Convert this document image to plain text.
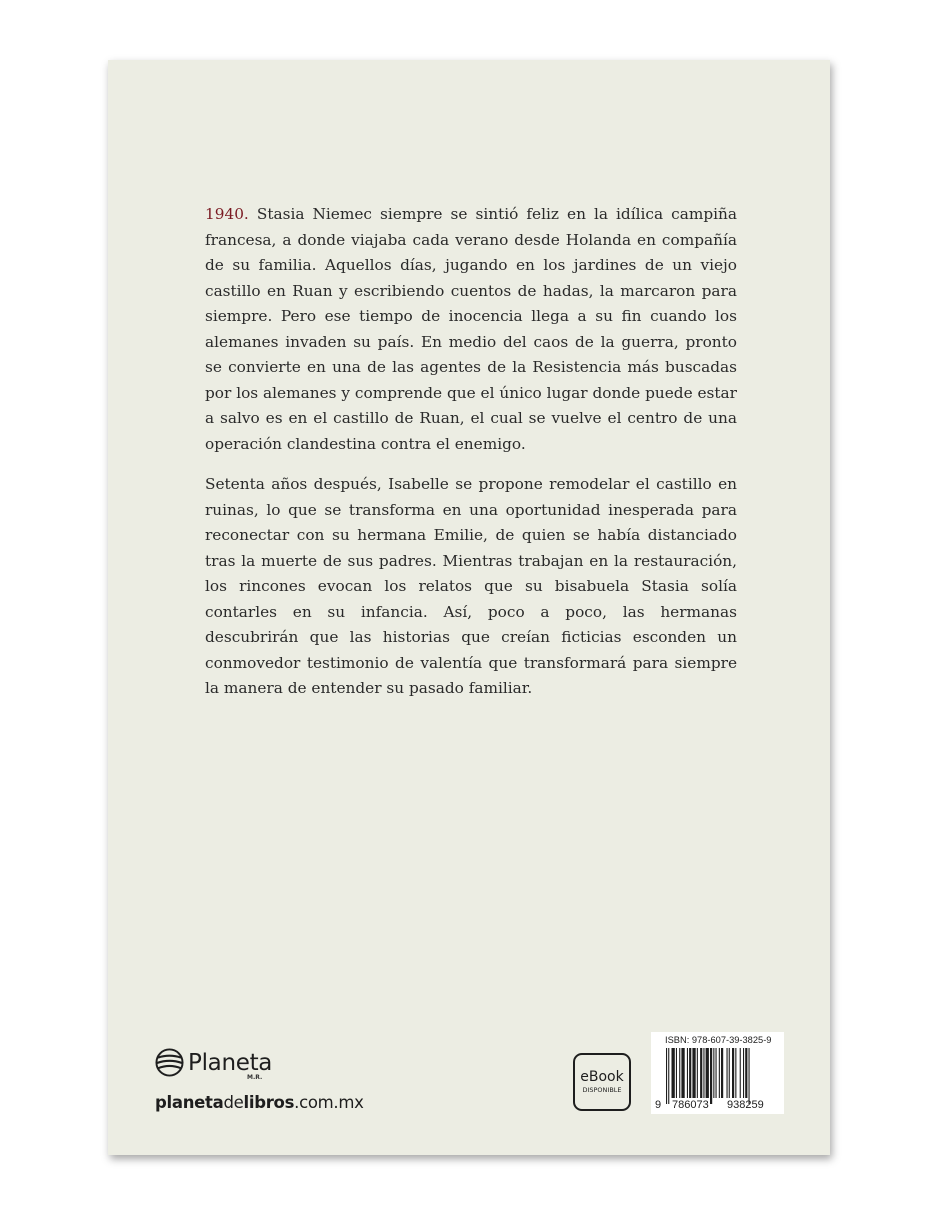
1940. Stasia Niemec siempre se sintió feliz en la idílica campiña francesa, a donde viajaba cada verano desde Holanda en compañía de su familia. Aquellos días, jugando en los jardines de un viejo castillo en Ruan y escribiendo cuentos de hadas, la marcaron para siempre. Pero ese tiempo de inocencia llega a su fin cuando los alemanes invaden su país. En medio del caos de la guerra, pronto se convierte en una de las agentes de la Resistencia más buscadas por los alemanes y comprende que el único lugar donde puede estar a salvo es en el castillo de Ruan, el cual se vuelve el centro de una operación clandestina contra el enemigo.

Setenta años después, Isabelle se propone remodelar el castillo en ruinas, lo que se transforma en una oportunidad inesperada para reconectar con su hermana Emilie, de quien se había distanciado tras la muerte de sus padres. Mientras trabajan en la restauración, los rincones evocan los relatos que su bisabuela Stasia solía contarles en su infancia. Así, poco a poco, las hermanas descubrirán que las historias que creían ficticias esconden un conmovedor testimonio de valentía que transformará para siempre la manera de entender su pasado familiar.

Planeta
M.R.
planetadelibros.com.mx
eBook
DISPONIBLE
ISBN: 978-607-39-3825-9
9 786073 938259
